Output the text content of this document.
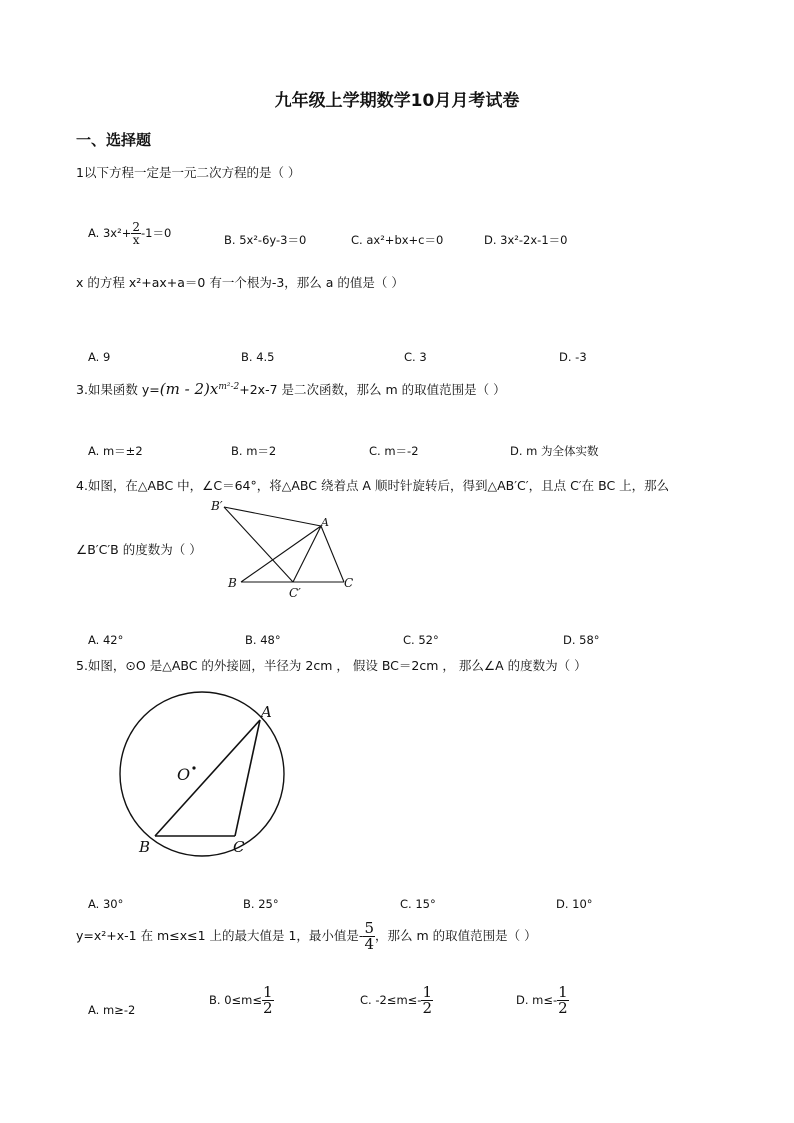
九年级上学期数学10月月考试卷
一、选择题
1以下方程一定是一元二次方程的是（ ）
A. $3x^2+ \frac{2}{x} -1=0$	B. 5x²-6y-3＝0	C. ax²+bx+c＝0	D. 3x²-2x-1＝0
x 的方程 x²+ax+a＝0 有一个根为-3，那么 a 的值是（ ）
A. 9	B. 4.5	C. 3	D. -3
3.如果函数 $y=(m - 2)x^{m^2-2}+2x-7$ 是二次函数，那么 m 的取值范围是（ ）
A. m＝±2	B. m＝2	C. m＝-2	D. m 为全体实数
4.如图，在△ABC 中，∠C＝64°，将△ABC 绕着点 A 顺时针旋转后，得到△AB′C′，且点 C′在 BC 上，那么
∠B′C′B 的度数为（ ）
B′
A
B
C′
C
A. 42°	B. 48°	C. 52°	D. 58°
5.如图，⊙O 是△ABC 的外接圆，半径为 2cm ， 假设 BC＝2cm ， 那么∠A 的度数为（ ）
A
O
B	C
A. 30°	B. 25°	C. 15°	D. 10°
y=x²+x-1 在 m≤x≤1 上的最大值是 1，最小值是- $\frac{5}{4}$ ，那么 m 的取值范围是（ ）
A. m≥-2
B. $0\le m\le \frac{1}{2}$	C. $-2\le m\le- \frac{1}{2}$	D. $m\le- \frac{1}{2}$
